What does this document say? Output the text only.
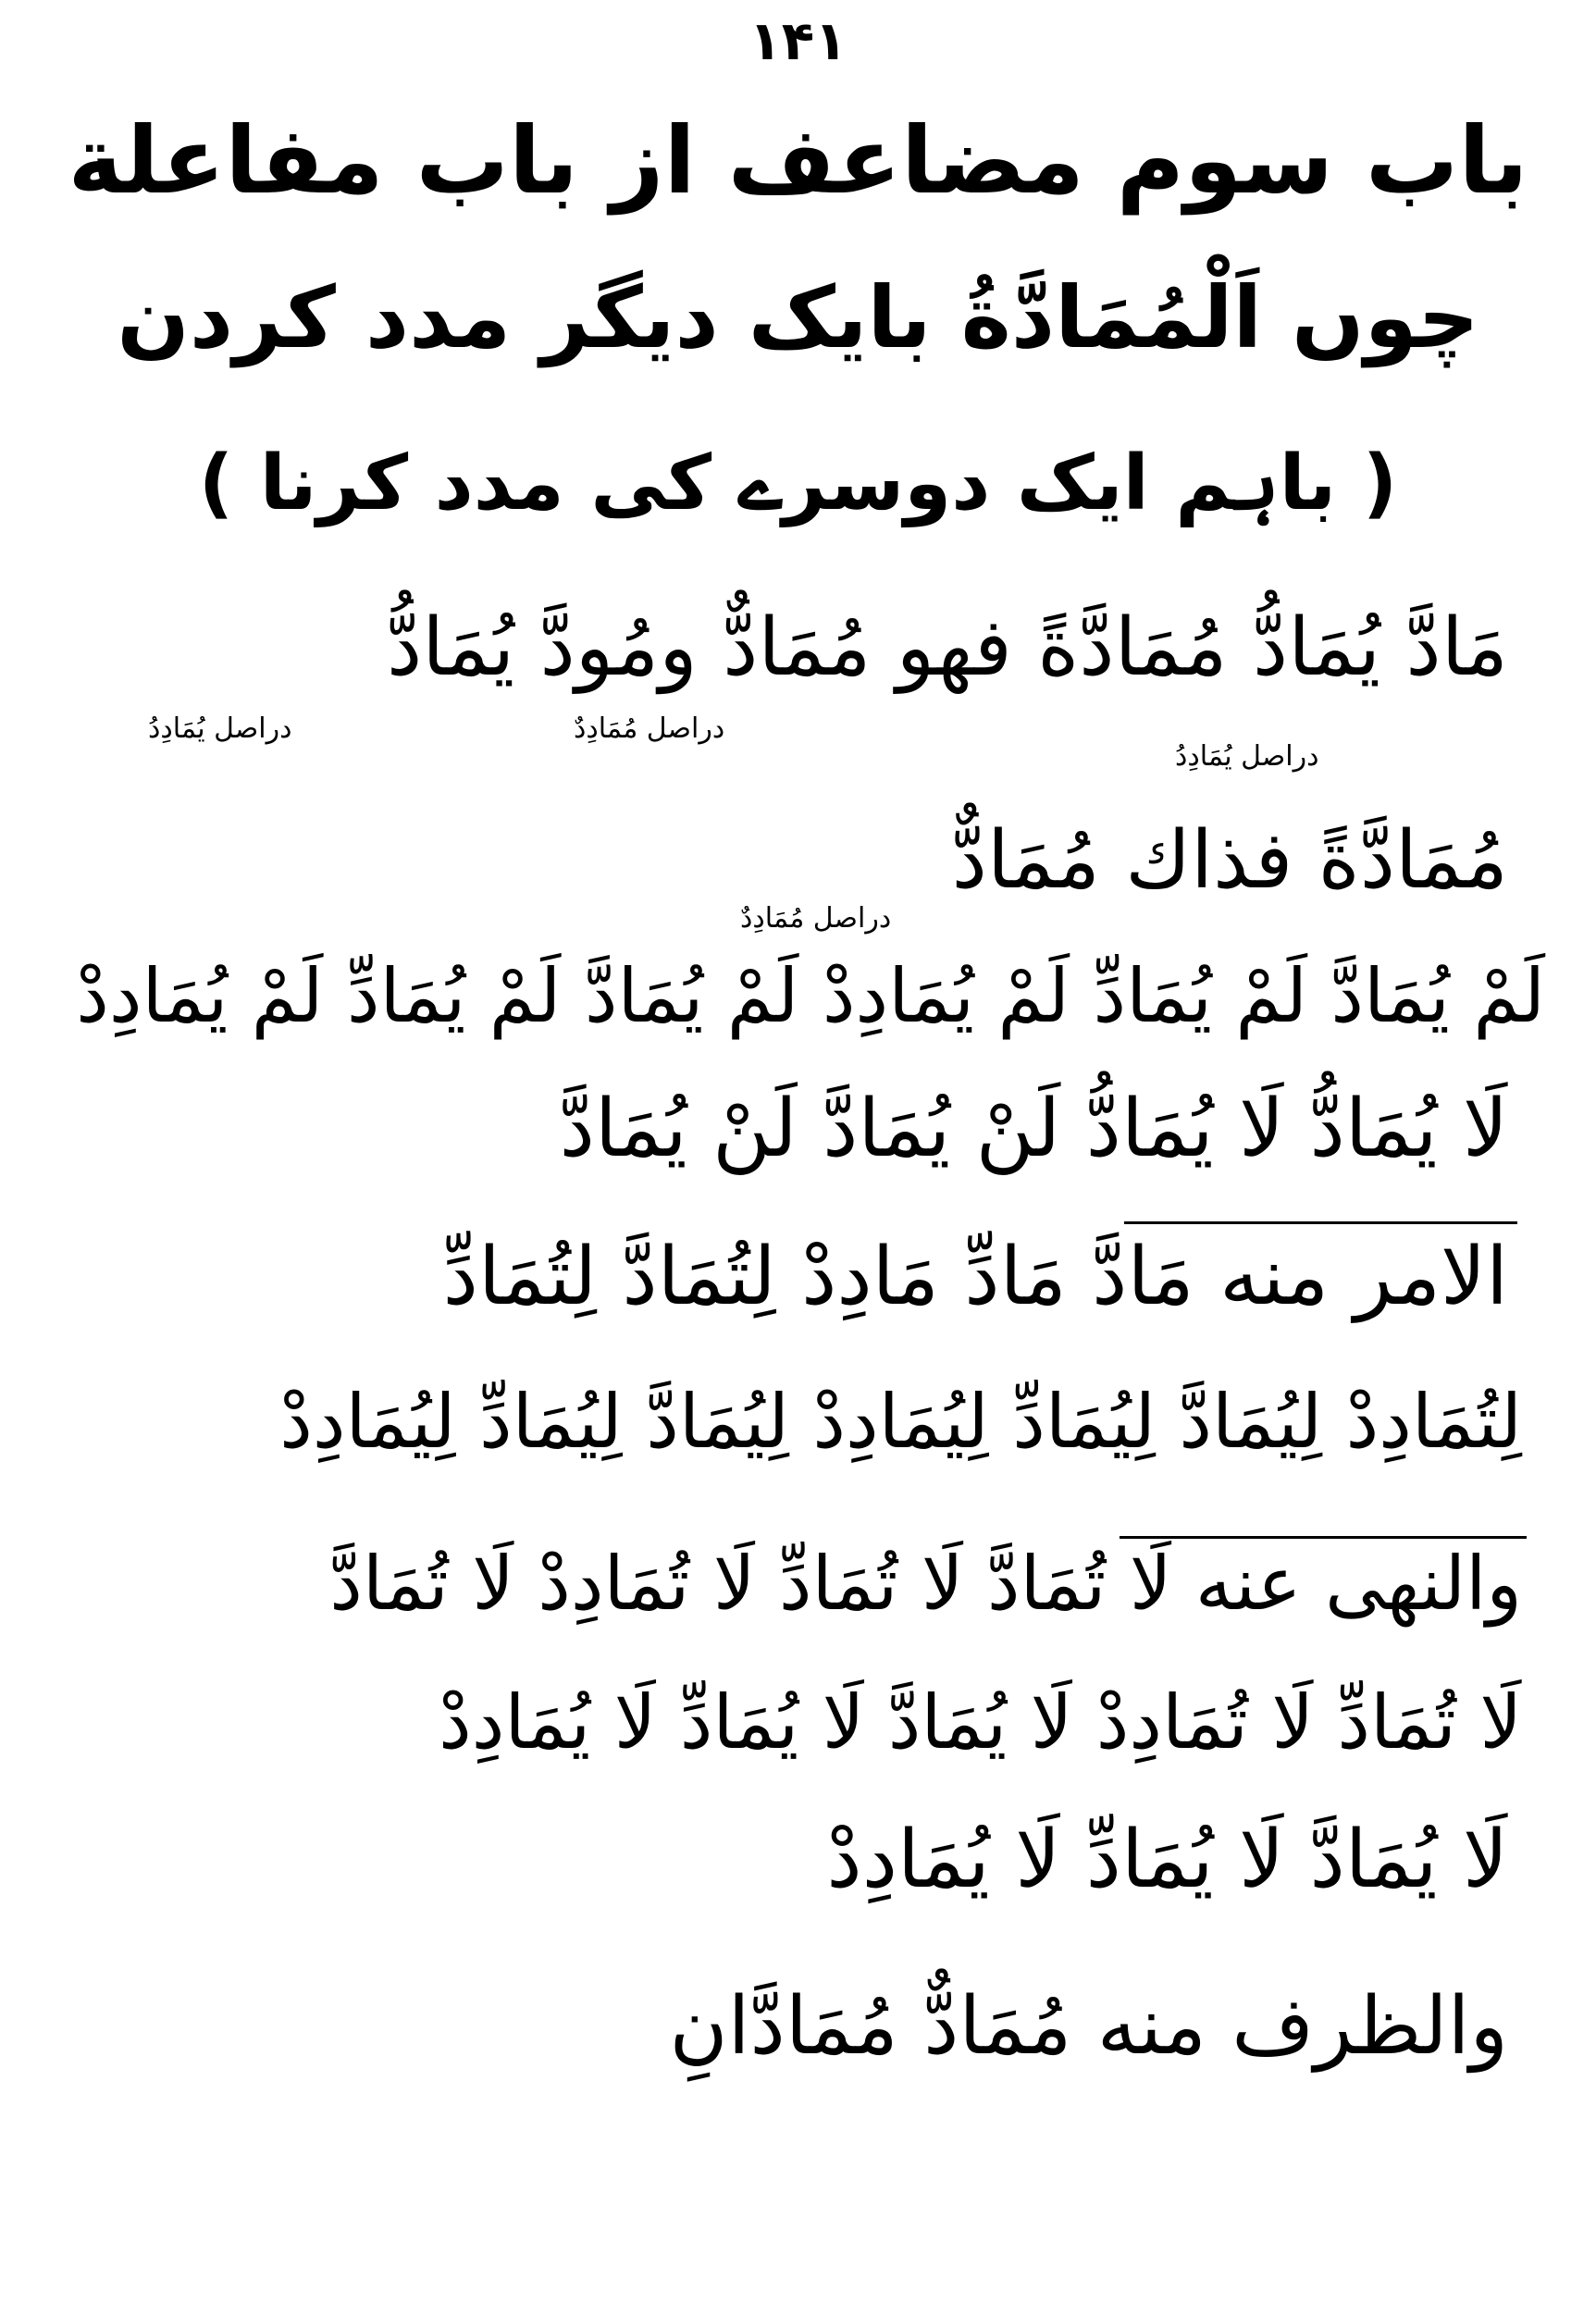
۱۴۱
باب سوم مضاعف از باب مفاعلة
چوں اَلْمُمَادَّةُ بایک دیگر مدد کردن
( باہم ایک دوسرے کی مدد کرنا )
مَادَّ يُمَادُّ مُمَادَّةً فهو مُمَادٌّ ومُودَّ يُمَادُّ
دراصل يُمَادِدُ	دراصل مُمَادِدٌ
دراصل يُمَادِدُ
مُمَادَّةً فذاك مُمَادٌّ
دراصل مُمَادِدٌ
لَمْ يُمَادَّ لَمْ يُمَادِّ لَمْ يُمَادِدْ لَمْ يُمَادَّ لَمْ يُمَادِّ لَمْ يُمَادِدْ
لَا يُمَادُّ لَا يُمَادُّ لَنْ يُمَادَّ لَنْ يُمَادَّ
الامر منه مَادَّ مَادِّ مَادِدْ لِتُمَادَّ لِتُمَادِّ
لِتُمَادِدْ لِيُمَادَّ لِيُمَادِّ لِيُمَادِدْ لِيُمَادَّ لِيُمَادِّ لِيُمَادِدْ
والنهى عنه لَا تُمَادَّ لَا تُمَادِّ لَا تُمَادِدْ لَا تُمَادَّ
لَا تُمَادِّ لَا تُمَادِدْ لَا يُمَادَّ لَا يُمَادِّ لَا يُمَادِدْ
لَا يُمَادَّ لَا يُمَادِّ لَا يُمَادِدْ
والظرف منه مُمَادٌّ مُمَادَّانِ
